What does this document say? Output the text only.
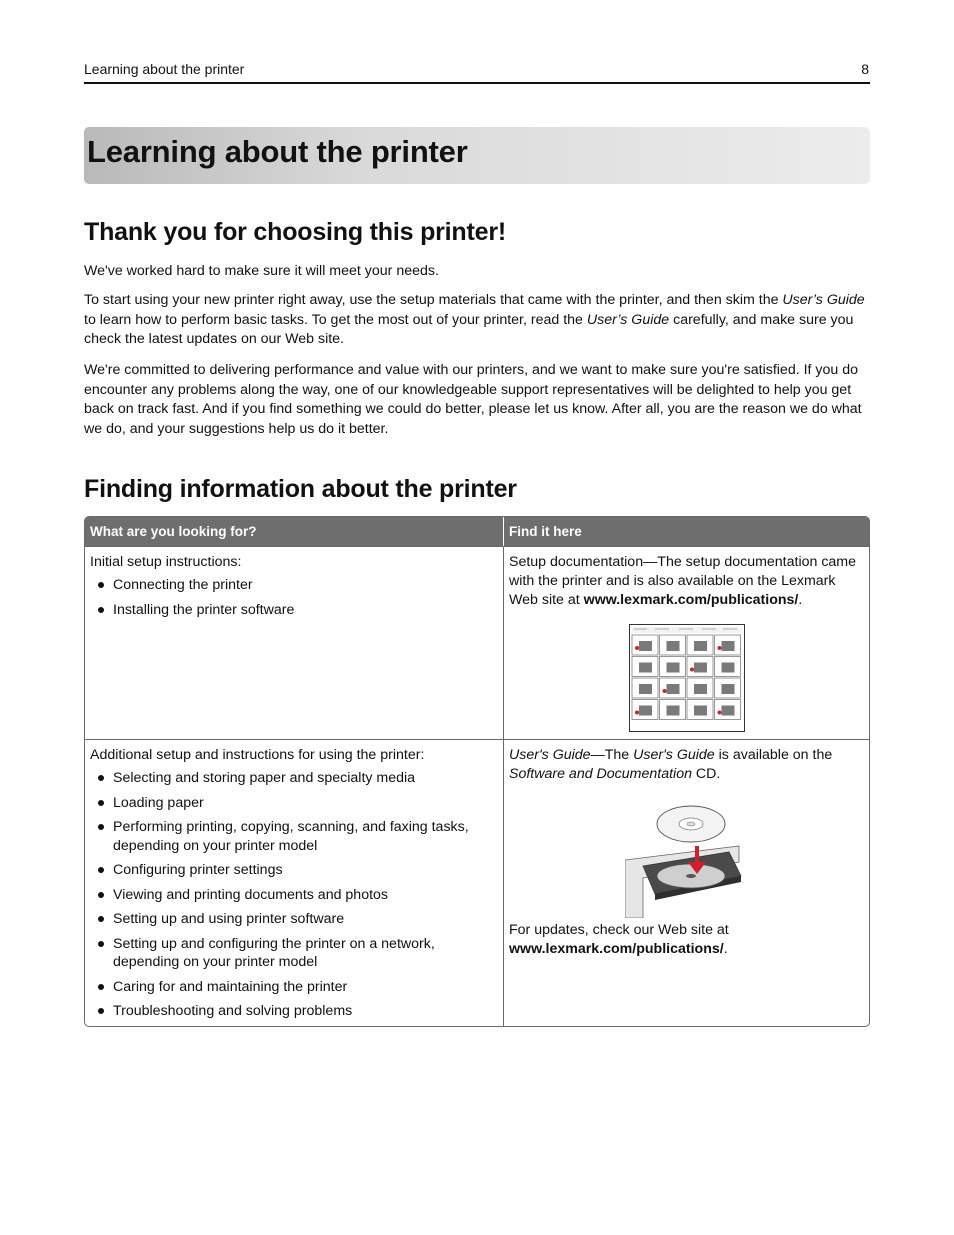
Learning about the printer	8
Learning about the printer
Thank you for choosing this printer!

We've worked hard to make sure it will meet your needs.

To start using your new printer right away, use the setup materials that came with the printer, and then skim the User’s Guide to learn how to perform basic tasks. To get the most out of your printer, read the User’s Guide carefully, and make sure you check the latest updates on our Web site.

We're committed to delivering performance and value with our printers, and we want to make sure you're satisfied. If you do encounter any problems along the way, one of our knowledgeable support representatives will be delighted to help you get back on track fast. And if you find something we could do better, please let us know. After all, you are the reason we do what we do, and your suggestions help us do it better.

Finding information about the printer
What are you looking for?	Find it here

Initial setup instructions:

Connecting the printer
Installing the printer software

Setup documentation—The setup documentation came with the printer and is also available on the Lexmark Web site at www.lexmark.com/publications/.

Additional setup and instructions for using the printer:

Selecting and storing paper and specialty media
Loading paper
Performing printing, copying, scanning, and faxing tasks, depending on your printer model
Configuring printer settings
Viewing and printing documents and photos
Setting up and using printer software
Setting up and configuring the printer on a network, depending on your printer model
Caring for and maintaining the printer
Troubleshooting and solving problems

User's Guide—The User's Guide is available on the Software and Documentation CD.

For updates, check our Web site at www.lexmark.com/publications/.
